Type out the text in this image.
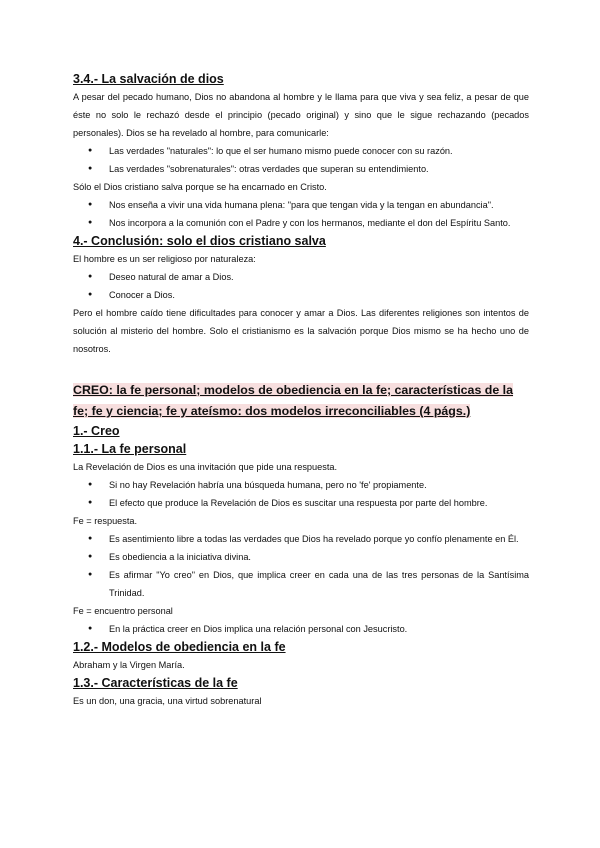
3.4.- La salvación de dios

A pesar del pecado humano, Dios no abandona al hombre y le llama para que viva y sea feliz, a pesar de que éste no solo le rechazó desde el principio (pecado original) y sino que le sigue rechazando (pecados personales). Dios se ha revelado al hombre, para comunicarle:

● Las verdades "naturales": lo que el ser humano mismo puede conocer con su razón.
● Las verdades "sobrenaturales": otras verdades que superan su entendimiento.

Sólo el Dios cristiano salva porque se ha encarnado en Cristo.

● Nos enseña a vivir una vida humana plena: "para que tengan vida y la tengan en abundancia".
● Nos incorpora a la comunión con el Padre y con los hermanos, mediante el don del Espíritu Santo.
4.- Conclusión: solo el dios cristiano salva

El hombre es un ser religioso por naturaleza:

● Deseo natural de amar a Dios.
● Conocer a Dios.

Pero el hombre caído tiene dificultades para conocer y amar a Dios. Las diferentes religiones son intentos de solución al misterio del hombre. Solo el cristianismo es la salvación porque Dios mismo se ha hecho uno de nosotros.

CREO: la fe personal; modelos de obediencia en la fe; características de la fe; fe y ciencia; fe y ateísmo: dos modelos irreconciliables (4 págs.)
1.- Creo
1.1.- La fe personal

La Revelación de Dios es una invitación que pide una respuesta.

● Si no hay Revelación habría una búsqueda humana, pero no 'fe' propiamente.
● El efecto que produce la Revelación de Dios es suscitar una respuesta por parte del hombre.

Fe = respuesta.

● Es asentimiento libre a todas las verdades que Dios ha revelado porque yo confío plenamente en Él.
● Es obediencia a la iniciativa divina.
● Es afirmar "Yo creo" en Dios, que implica creer en cada una de las tres personas de la Santísima Trinidad.

Fe = encuentro personal

● En la práctica creer en Dios implica una relación personal con Jesucristo.
1.2.- Modelos de obediencia en la fe

Abraham y la Virgen María.

1.3.- Características de la fe

Es un don, una gracia, una virtud sobrenatural
